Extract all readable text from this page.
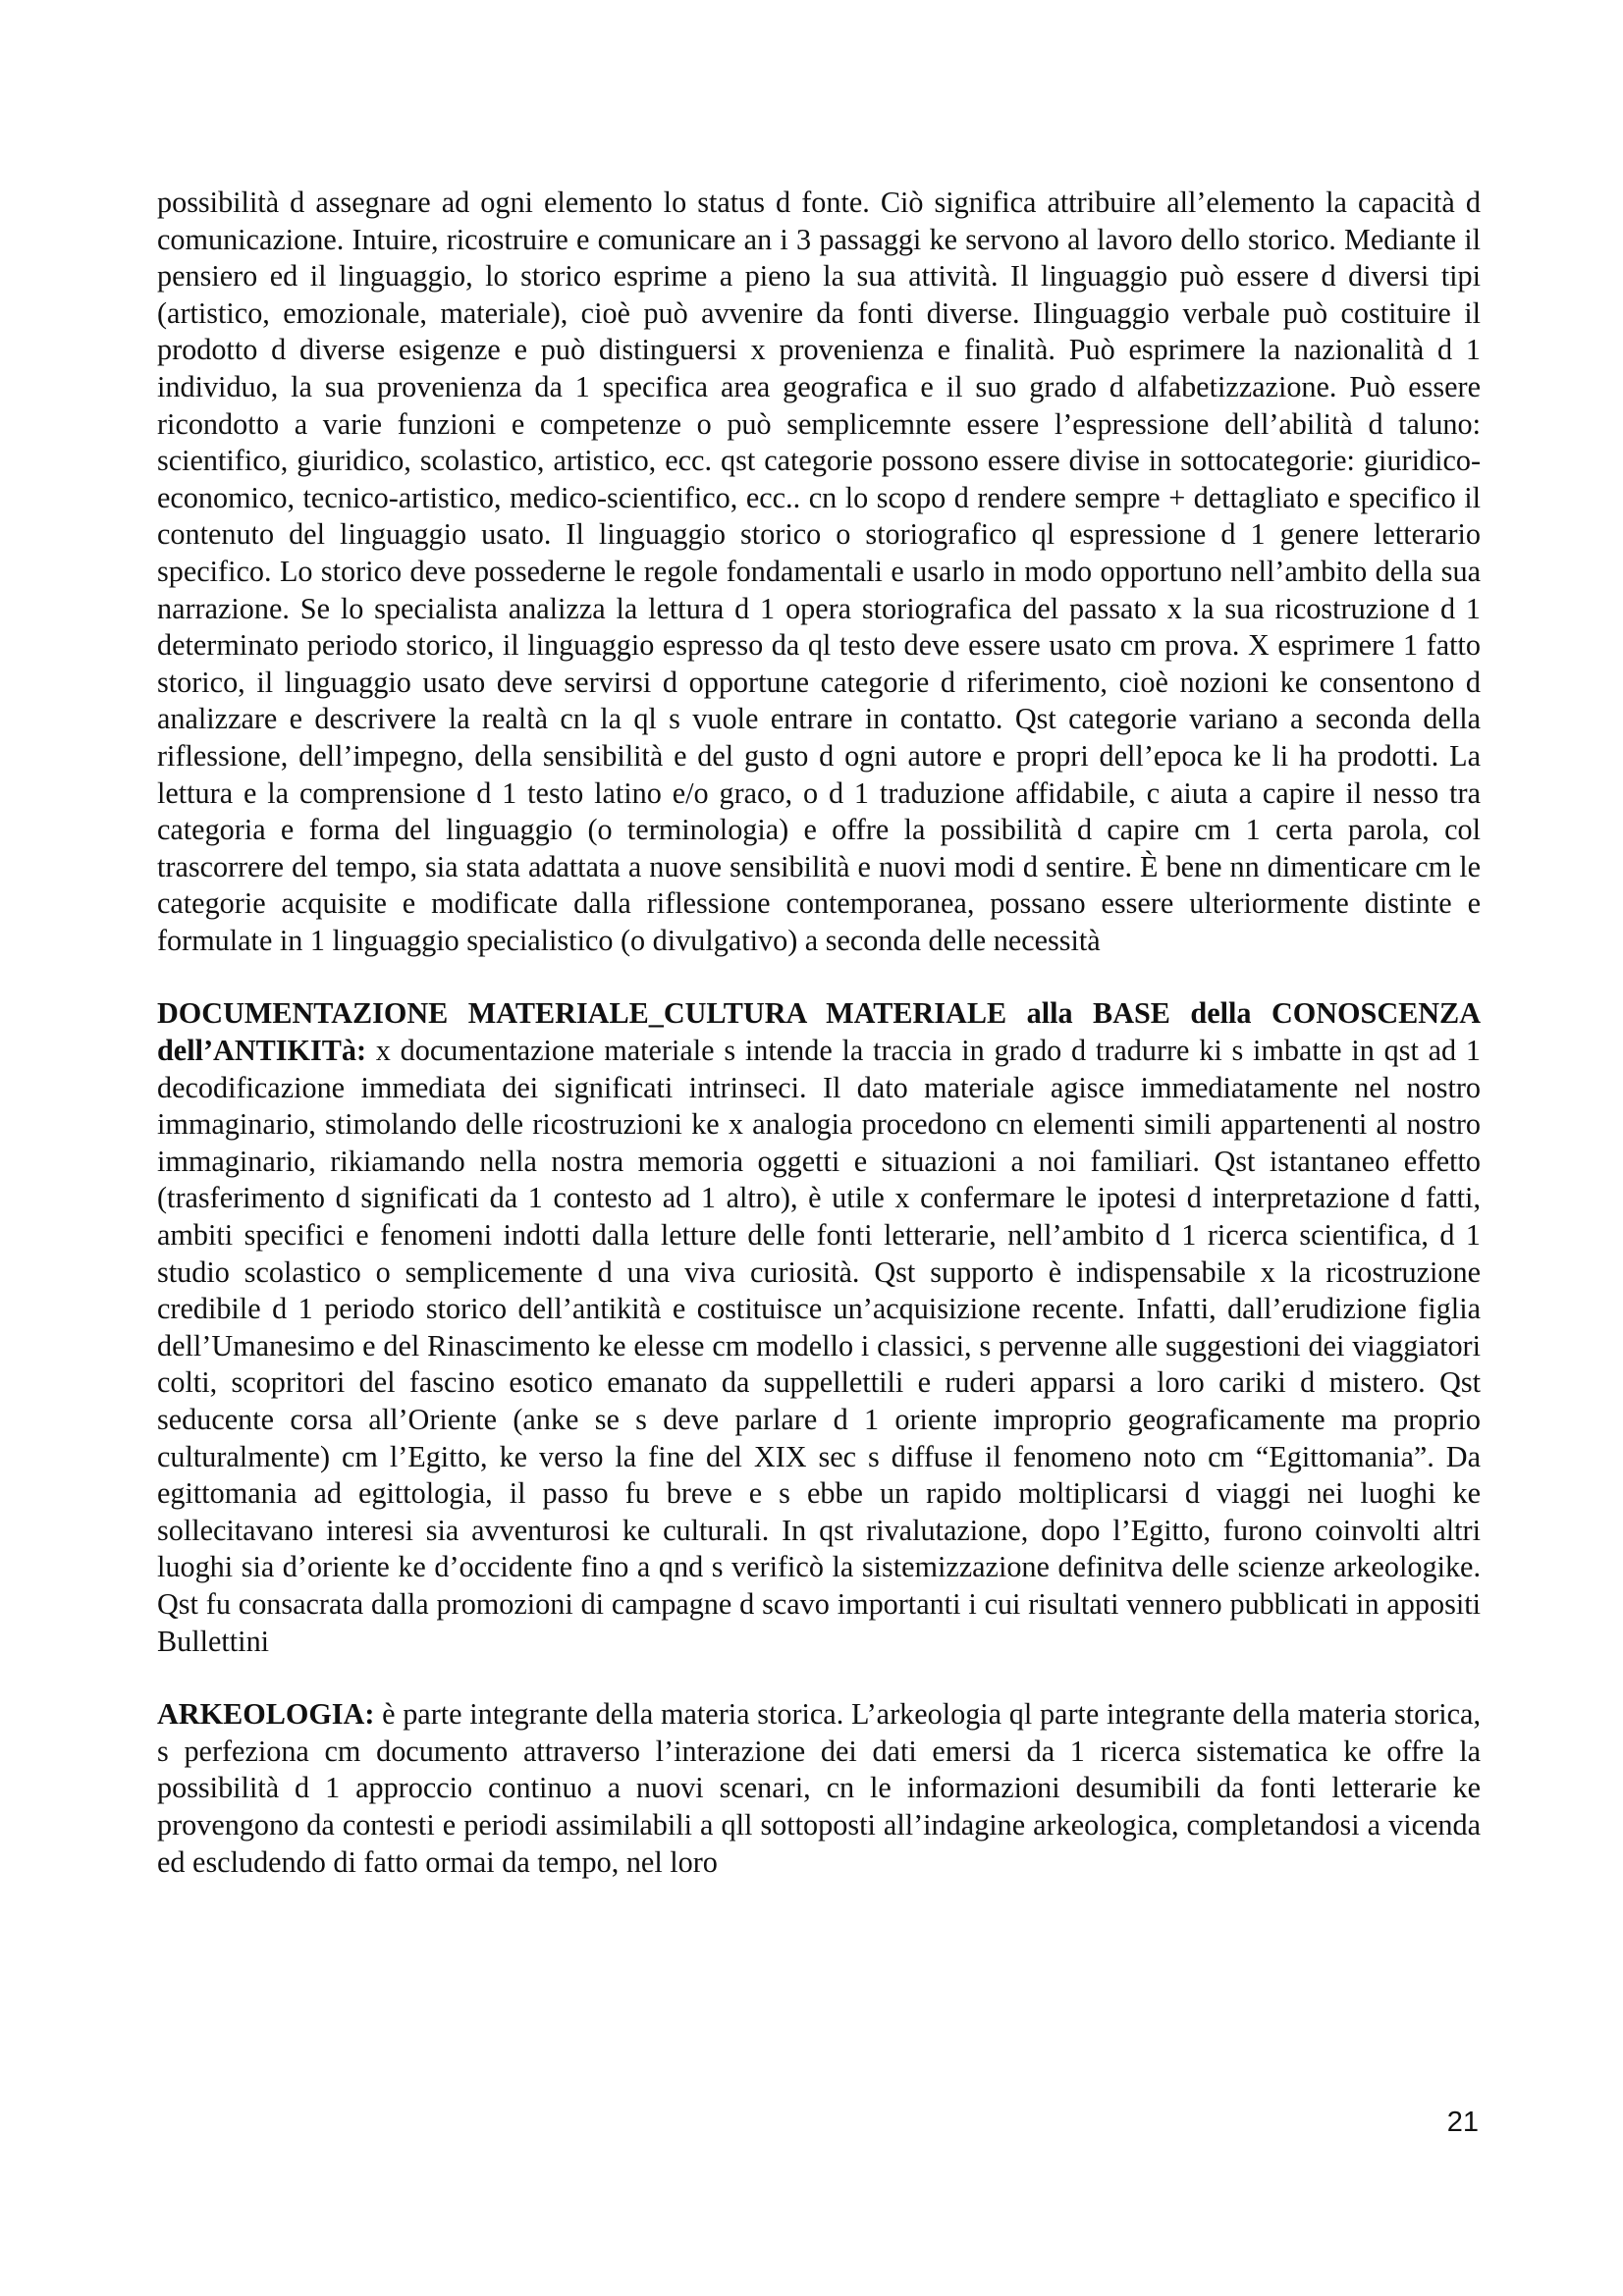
possibilità d assegnare ad ogni elemento lo status d fonte. Ciò significa attribuire all’elemento la capacità d comunicazione. Intuire, ricostruire e comunicare an i 3 passaggi ke servono al lavoro dello storico. Mediante il pensiero ed il linguaggio, lo storico esprime a pieno la sua attività. Il linguaggio può essere d diversi tipi (artistico, emozionale, materiale), cioè può avvenire da fonti diverse. Ilinguaggio verbale può costituire il prodotto d diverse esigenze e può distinguersi x provenienza e finalità. Può esprimere la nazionalità d 1 individuo, la sua provenienza da 1 specifica area geografica e il suo grado d alfabetizzazione. Può essere ricondotto a varie funzioni e competenze o può semplicemnte essere l’espressione dell’abilità d taluno: scientifico, giuridico, scolastico, artistico, ecc. qst categorie possono essere divise in sottocategorie: giuridico-economico, tecnico-artistico, medico-scientifico, ecc.. cn lo scopo d rendere sempre + dettagliato e specifico il contenuto del linguaggio usato. Il linguaggio storico o storiografico ql espressione d 1 genere letterario specifico. Lo storico deve possederne le regole fondamentali e usarlo in modo opportuno nell’ambito della sua narrazione. Se lo specialista analizza la lettura d 1 opera storiografica del passato x la sua ricostruzione d 1 determinato periodo storico, il linguaggio espresso da ql testo deve essere usato cm prova. X esprimere 1 fatto storico, il linguaggio usato deve servirsi d opportune categorie d riferimento, cioè nozioni ke consentono d analizzare e descrivere la realtà cn la ql s vuole entrare in contatto. Qst categorie variano a seconda della riflessione, dell’impegno, della sensibilità e del gusto d ogni autore e propri dell’epoca ke li ha prodotti. La lettura e la comprensione d 1 testo latino e/o graco, o d 1 traduzione affidabile, c aiuta a capire il nesso tra categoria e forma del linguaggio (o terminologia) e offre la possibilità d capire cm 1 certa parola, col trascorrere del tempo, sia stata adattata a nuove sensibilità e nuovi modi d sentire. È bene nn dimenticare cm le categorie acquisite e modificate dalla riflessione contemporanea, possano essere ulteriormente distinte e formulate in 1 linguaggio specialistico (o divulgativo) a seconda delle necessità

DOCUMENTAZIONE MATERIALE_CULTURA MATERIALE alla BASE della CONOSCENZA dell’ANTIKITà: x documentazione materiale s intende la traccia in grado d tradurre ki s imbatte in qst ad 1 decodificazione immediata dei significati intrinseci. Il dato materiale agisce immediatamente nel nostro immaginario, stimolando delle ricostruzioni ke x analogia procedono cn elementi simili appartenenti al nostro immaginario, rikiamando nella nostra memoria oggetti e situazioni a noi familiari. Qst istantaneo effetto (trasferimento d significati da 1 contesto ad 1 altro), è utile x confermare le ipotesi d interpretazione d fatti, ambiti specifici e fenomeni indotti dalla letture delle fonti letterarie, nell’ambito d 1 ricerca scientifica, d 1 studio scolastico o semplicemente d una viva curiosità. Qst supporto è indispensabile x la ricostruzione credibile d 1 periodo storico dell’antikità e costituisce un’acquisizione recente. Infatti, dall’erudizione figlia dell’Umanesimo e del Rinascimento ke elesse cm modello i classici, s pervenne alle suggestioni dei viaggiatori colti, scopritori del fascino esotico emanato da suppellettili e ruderi apparsi a loro cariki d mistero. Qst seducente corsa all’Oriente (anke se s deve parlare d 1 oriente improprio geograficamente ma proprio culturalmente) cm l’Egitto, ke verso la fine del XIX sec s diffuse il fenomeno noto cm “Egittomania”. Da egittomania ad egittologia, il passo fu breve e s ebbe un rapido moltiplicarsi d viaggi nei luoghi ke sollecitavano interesi sia avventurosi ke culturali. In qst rivalutazione, dopo l’Egitto, furono coinvolti altri luoghi sia d’oriente ke d’occidente fino a qnd s verificò la sistemizzazione definitva delle scienze arkeologike. Qst fu consacrata dalla promozioni di campagne d scavo importanti i cui risultati vennero pubblicati in appositi Bullettini

ARKEOLOGIA: è parte integrante della materia storica. L’arkeologia ql parte integrante della materia storica, s perfeziona cm documento attraverso l’interazione dei dati emersi da 1 ricerca sistematica ke offre la possibilità d 1 approccio continuo a nuovi scenari, cn le informazioni desumibili da fonti letterarie ke provengono da contesti e periodi assimilabili a qll sottoposti all’indagine arkeologica, completandosi a vicenda ed escludendo di fatto ormai da tempo, nel loro

21
